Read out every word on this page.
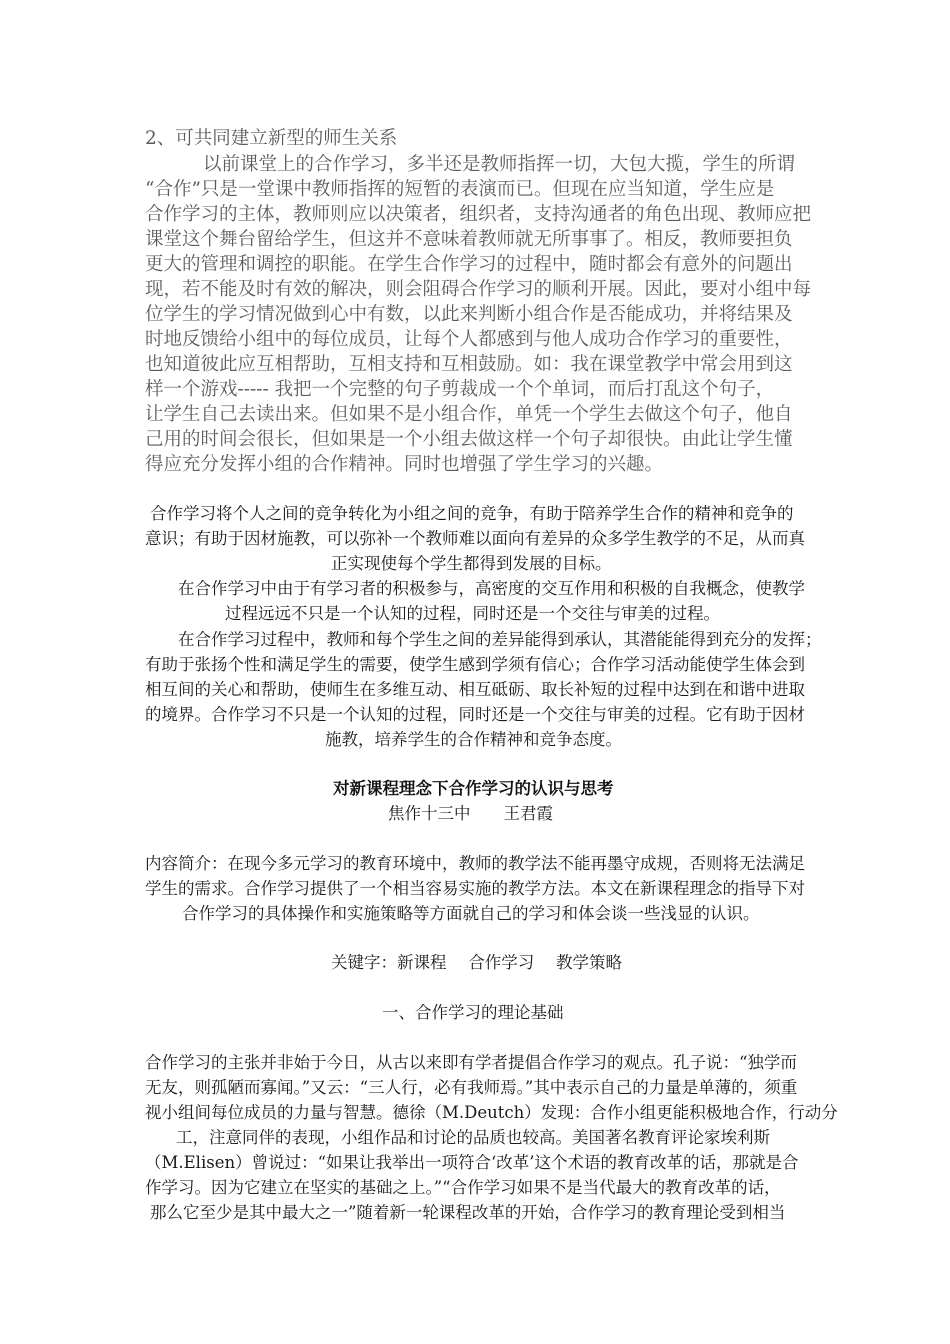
2、可共同建立新型的师生关系
以前课堂上的合作学习，多半还是教师指挥一切，大包大揽，学生的所谓
“合作”只是一堂课中教师指挥的短暂的表演而已。但现在应当知道，学生应是
合作学习的主体，教师则应以决策者，组织者，支持沟通者的角色出现、教师应把
课堂这个舞台留给学生，但这并不意味着教师就无所事事了。相反，教师要担负
更大的管理和调控的职能。在学生合作学习的过程中，随时都会有意外的问题出
现，若不能及时有效的解决，则会阻碍合作学习的顺利开展。因此，要对小组中每
位学生的学习情况做到心中有数，以此来判断小组合作是否能成功，并将结果及
时地反馈给小组中的每位成员，让每个人都感到与他人成功合作学习的重要性，
也知道彼此应互相帮助，互相支持和互相鼓励。如：我在课堂教学中常会用到这
样一个游戏----- 我把一个完整的句子剪裁成一个个单词，而后打乱这个句子，
让学生自己去读出来。但如果不是小组合作，单凭一个学生去做这个句子，他自
己用的时间会很长，但如果是一个小组去做这样一个句子却很快。由此让学生懂
得应充分发挥小组的合作精神。同时也增强了学生学习的兴趣。
合作学习将个人之间的竞争转化为小组之间的竞争，有助于陪养学生合作的精神和竞争的
意识；有助于因材施教，可以弥补一个教师难以面向有差异的众多学生教学的不足，从而真
正实现使每个学生都得到发展的目标。
在合作学习中由于有学习者的积极参与，高密度的交互作用和积极的自我概念，使教学
过程远远不只是一个认知的过程，同时还是一个交往与审美的过程。
在合作学习过程中，教师和每个学生之间的差异能得到承认，其潜能能得到充分的发挥；
有助于张扬个性和满足学生的需要，使学生感到学须有信心；合作学习活动能使学生体会到
相互间的关心和帮助，使师生在多维互动、相互砥砺、取长补短的过程中达到在和谐中进取
的境界。合作学习不只是一个认知的过程，同时还是一个交往与审美的过程。它有助于因材
施教，培养学生的合作精神和竞争态度。
对新课程理念下合作学习的认识与思考
焦作十三中　　王君霞
内容简介：在现今多元学习的教育环境中，教师的教学法不能再墨守成规，否则将无法满足
学生的需求。合作学习提供了一个相当容易实施的教学方法。本文在新课程理念的指导下对
合作学习的具体操作和实施策略等方面就自己的学习和体会谈一些浅显的认识。
关键字：新课程　 合作学习　 教学策略
一、合作学习的理论基础
合作学习的主张并非始于今日，从古以来即有学者提倡合作学习的观点。孔子说：“独学而
无友，则孤陋而寡闻。”又云：“三人行，必有我师焉。”其中表示自己的力量是单薄的，须重
视小组间每位成员的力量与智慧。德徐（M.Deutch）发现：合作小组更能积极地合作，行动分
工，注意同伴的表现，小组作品和讨论的品质也较高。美国著名教育评论家埃利斯
（M.Elisen）曾说过：“如果让我举出一项符合‘改革’这个术语的教育改革的话，那就是合
作学习。因为它建立在坚实的基础之上。”“合作学习如果不是当代最大的教育改革的话，
那么它至少是其中最大之一”随着新一轮课程改革的开始，合作学习的教育理论受到相当
